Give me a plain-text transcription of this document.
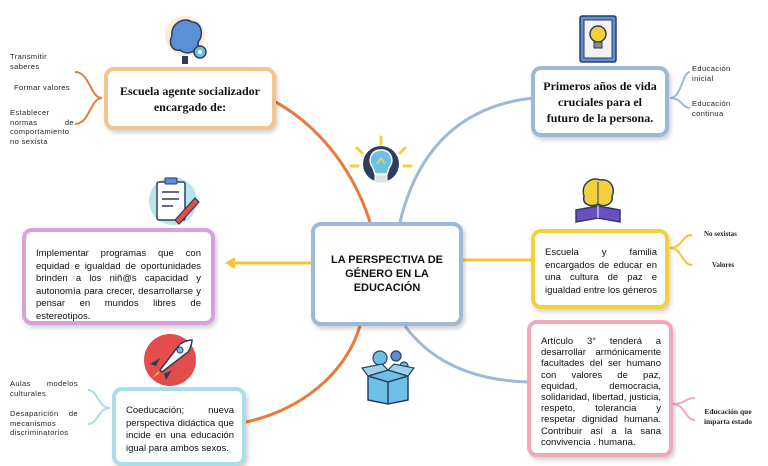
LA PERSPECTIVA DE GÉNERO EN LA EDUCACIÓN
Escuela agente socializador encargado de:
Transmitir saberes
Formar valores
Establecer normas de comportamiento no sexista
Primeros años de vida cruciales para el futuro de la persona.
Educación inicial
Educación continua
Implementar programas que con equidad e igualdad de oportunidades brinden a los niñ@s capacidad y autonomía para crecer, desarrollarse y pensar en mundos libres de estereotipos.
Escuela y familia encargados de educar en una cultura de paz e igualdad entre los géneros
No sexistas
Valores
Coeducación; nueva perspectiva didáctica que incide en una educación igual para ambos sexos.
Aulas modelos culturales
Desaparición de mecanismos discriminatorios
Artículo 3° tenderá a desarrollar armónicamente facultades del ser humano con valores de paz, equidad, democracia, solidaridad, libertad, justicia, respeto, tolerancia y respetar dignidad humana. Contribuir así a la sana convivencia . humana.
Educación que imparta estado
